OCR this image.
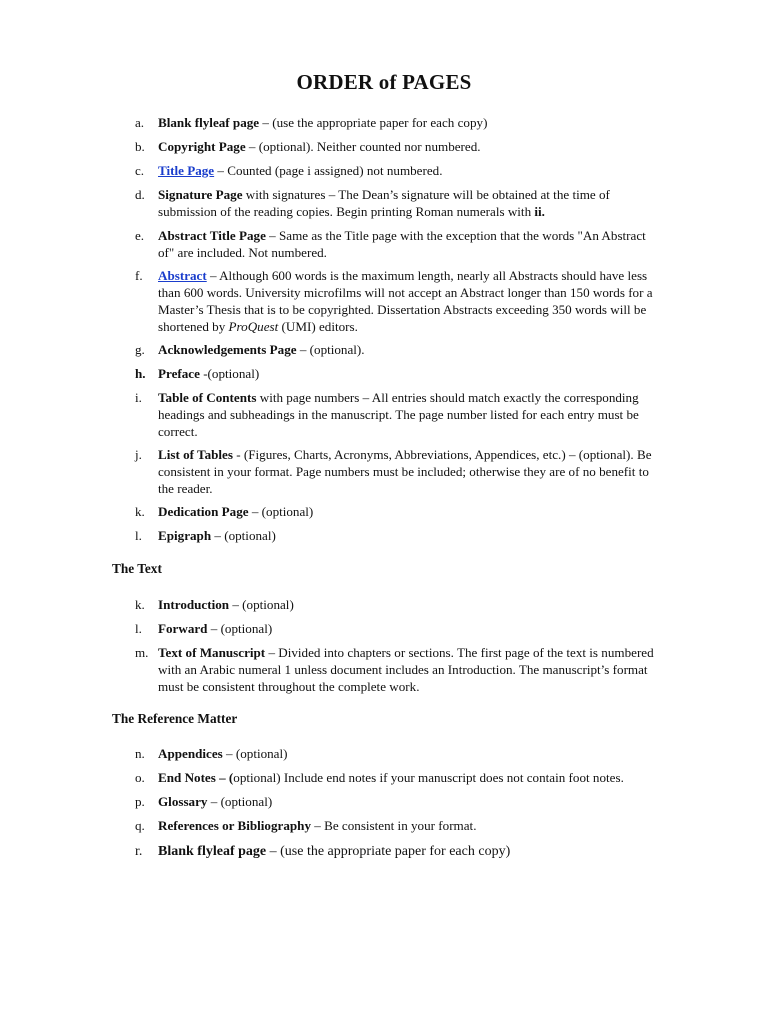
ORDER of PAGES
a.	Blank flyleaf page – (use the appropriate paper for each copy)
b.	Copyright Page – (optional). Neither counted nor numbered.
c.	Title Page – Counted (page i assigned) not numbered.
d.	Signature Page with signatures – The Dean’s signature will be obtained at the time of submission of the reading copies. Begin printing Roman numerals with ii.
e.	Abstract Title Page – Same as the Title page with the exception that the words "An Abstract of" are included. Not numbered.
f.	Abstract – Although 600 words is the maximum length, nearly all Abstracts should have less than 600 words. University microfilms will not accept an Abstract longer than 150 words for a Master’s Thesis that is to be copyrighted. Dissertation Abstracts exceeding 350 words will be shortened by ProQuest (UMI) editors.
g.	Acknowledgements Page – (optional).
h. Preface -(optional)
i.	Table of Contents with page numbers – All entries should match exactly the corresponding headings and subheadings in the manuscript. The page number listed for each entry must be correct.
j.	List of Tables - (Figures, Charts, Acronyms, Abbreviations, Appendices, etc.) – (optional). Be consistent in your format. Page numbers must be included; otherwise they are of no benefit to the reader.
k.	Dedication Page – (optional)
l.	Epigraph – (optional)
The Text
k.	Introduction – (optional)
l.	Forward – (optional)
m. Text of Manuscript – Divided into chapters or sections. The first page of the text is numbered with an Arabic numeral 1 unless document includes an Introduction. The manuscript’s format must be consistent throughout the complete work.
The Reference Matter
n.	Appendices – (optional)
o.	End Notes – (optional) Include end notes if your manuscript does not contain foot notes.
p.	Glossary – (optional)
q.	References or Bibliography – Be consistent in your format.
r.	Blank flyleaf page – (use the appropriate paper for each copy)
